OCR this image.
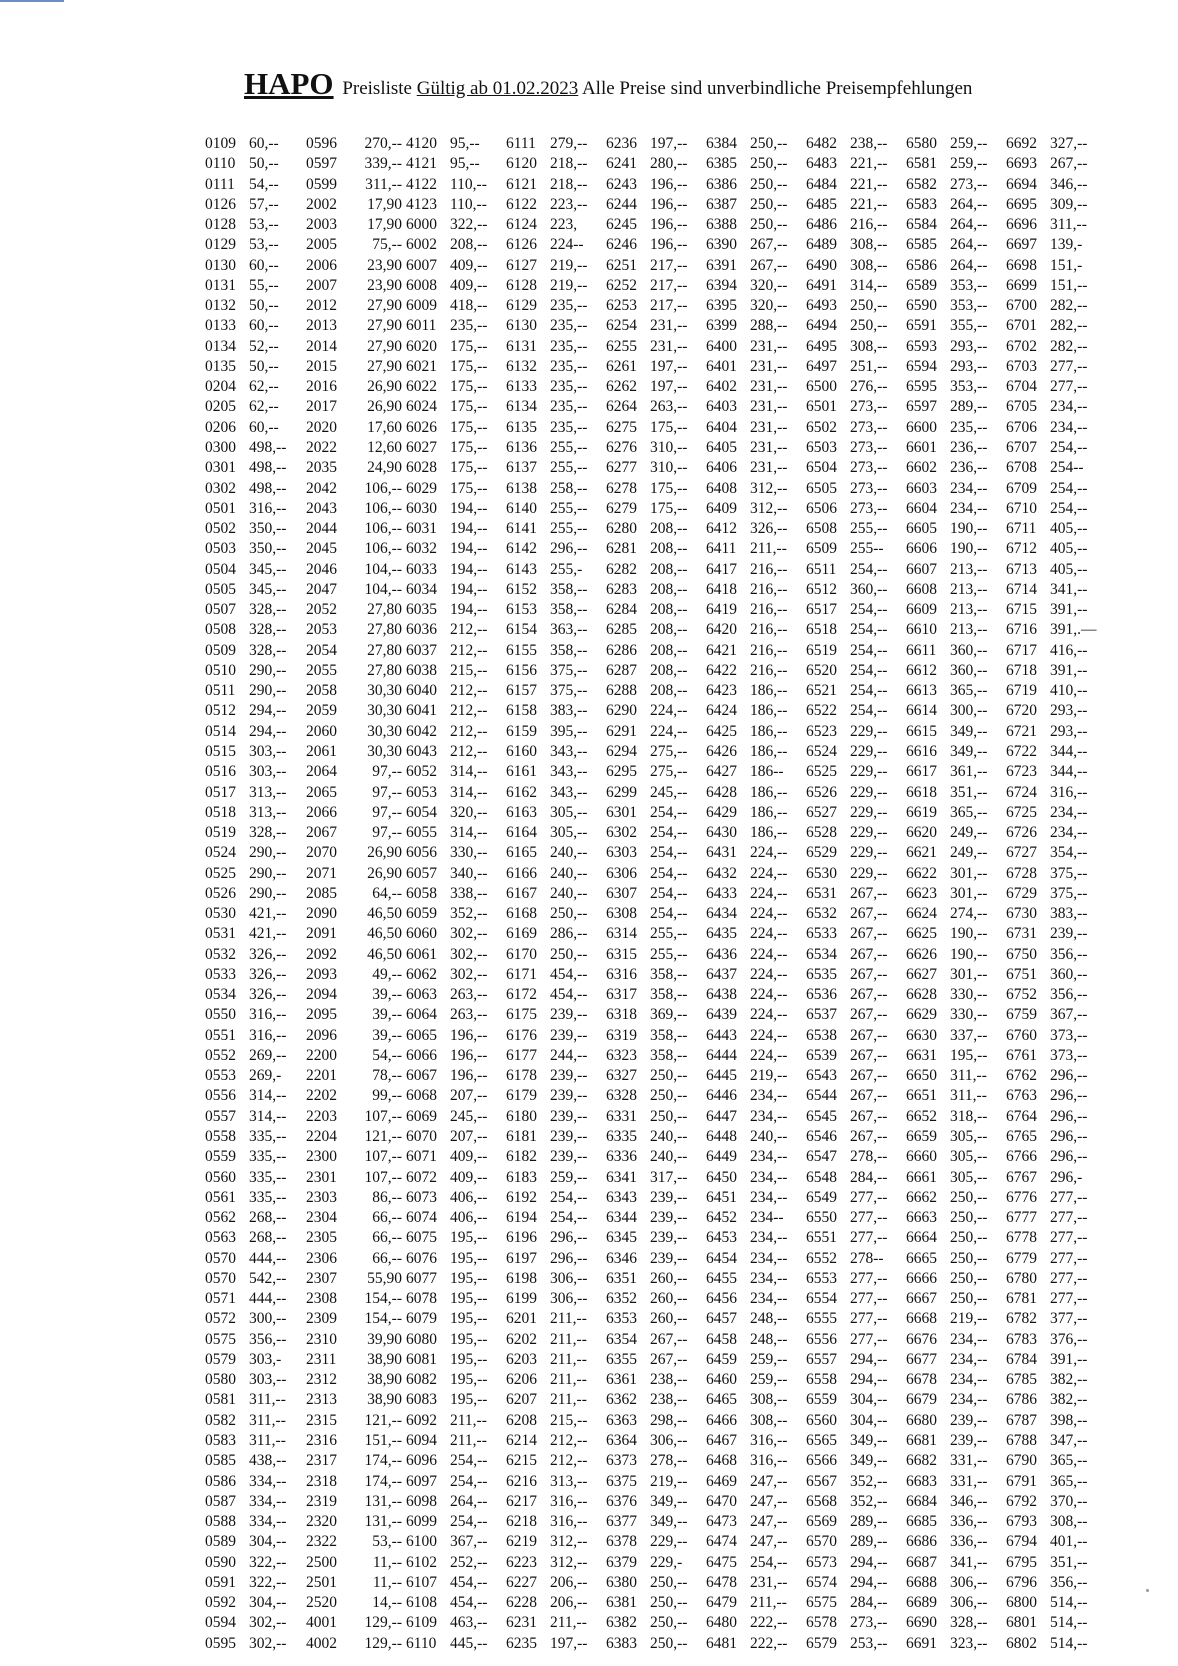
HAPO Preisliste Gültig ab 01.02.2023 Alle Preise sind unverbindliche Preisempfehlungen
0109 60,--
0110 50,--
0111 54,--
0126 57,--
0128 53,--
0129 53,--
0130 60,--
0131 55,--
0132 50,--
0133 60,--
0134 52,--
0135 50,--
0204 62,--
0205 62,--
0206 60,--
0300 498,--
0301 498,--
0302 498,--
0501 316,--
0502 350,--
0503 350,--
0504 345,--
0505 345,--
0507 328,--
0508 328,--
0509 328,--
0510 290,--
0511 290,--
0512 294,--
0514 294,--
0515 303,--
0516 303,--
0517 313,--
0518 313,--
0519 328,--
0524 290,--
0525 290,--
0526 290,--
0530 421,--
0531 421,--
0532 326,--
0533 326,--
0534 326,--
0550 316,--
0551 316,--
0552 269,--
0553 269,-
0556 314,--
0557 314,--
0558 335,--
0559 335,--
0560 335,--
0561 335,--
0562 268,--
0563 268,--
0570 444,--
0570 542,--
0571 444,--
0572 300,--
0575 356,--
0579 303,-
0580 303,--
0581 311,--
0582 311,--
0583 311,--
0585 438,--
0586 334,--
0587 334,--
0588 334,--
0589 304,--
0590 322,--
0591 322,--
0592 304,--
0594 302,--
0595 302,--
0596 270,--
0597 339,--
0599 311,--
2002 17,90
2003 17,90
2005 75,--
2006 23,90
2007 23,90
2012 27,90
2013 27,90
2014 27,90
2015 27,90
2016 26,90
2017 26,90
2020 17,60
2022 12,60
2035 24,90
2042 106,--
2043 106,--
2044 106,--
2045 106,--
2046 104,--
2047 104,--
2052 27,80
2053 27,80
2054 27,80
2055 27,80
2058 30,30
2059 30,30
2060 30,30
2061 30,30
2064 97,--
2065 97,--
2066 97,--
2067 97,--
2070 26,90
2071 26,90
2085 64,--
2090 46,50
2091 46,50
2092 46,50
2093 49,--
2094 39,--
2095 39,--
2096 39,--
2200 54,--
2201 78,--
2202 99,--
2203 107,--
2204 121,--
2300 107,--
2301 107,--
2303 86,--
2304 66,--
2305 66,--
2306 66,--
2307 55,90
2308 154,--
2309 154,--
2310 39,90
2311 38,90
2312 38,90
2313 38,90
2315 121,--
2316 151,--
2317 174,--
2318 174,--
2319 131,--
2320 131,--
2322 53,--
2500 11,--
2501 11,--
2520 14,--
4001 129,--
4002 129,--
4120 95,--
4121 95,--
4122 110,--
4123 110,--
6000 322,--
6002 208,--
6007 409,--
6008 409,--
6009 418,--
6011 235,--
6020 175,--
6021 175,--
6022 175,--
6024 175,--
6026 175,--
6027 175,--
6028 175,--
6029 175,--
6030 194,--
6031 194,--
6032 194,--
6033 194,--
6034 194,--
6035 194,--
6036 212,--
6037 212,--
6038 215,--
6040 212,--
6041 212,--
6042 212,--
6043 212,--
6052 314,--
6053 314,--
6054 320,--
6055 314,--
6056 330,--
6057 340,--
6058 338,--
6059 352,--
6060 302,--
6061 302,--
6062 302,--
6063 263,--
6064 263,--
6065 196,--
6066 196,--
6067 196,--
6068 207,--
6069 245,--
6070 207,--
6071 409,--
6072 409,--
6073 406,--
6074 406,--
6075 195,--
6076 195,--
6077 195,--
6078 195,--
6079 195,--
6080 195,--
6081 195,--
6082 195,--
6083 195,--
6092 211,--
6094 211,--
6096 254,--
6097 254,--
6098 264,--
6099 254,--
6100 367,--
6102 252,--
6107 454,--
6108 454,--
6109 463,--
6110 445,--
6111 279,--
6120 218,--
6121 218,--
6122 223,--
6124 223,
6126 224--
6127 219,--
6128 219,--
6129 235,--
6130 235,--
6131 235,--
6132 235,--
6133 235,--
6134 235,--
6135 235,--
6136 255,--
6137 255,--
6138 258,--
6140 255,--
6141 255,--
6142 296,--
6143 255,-
6152 358,--
6153 358,--
6154 363,--
6155 358,--
6156 375,--
6157 375,--
6158 383,--
6159 395,--
6160 343,--
6161 343,--
6162 343,--
6163 305,--
6164 305,--
6165 240,--
6166 240,--
6167 240,--
6168 250,--
6169 286,--
6170 250,--
6171 454,--
6172 454,--
6175 239,--
6176 239,--
6177 244,--
6178 239,--
6179 239,--
6180 239,--
6181 239,--
6182 239,--
6183 259,--
6192 254,--
6194 254,--
6196 296,--
6197 296,--
6198 306,--
6199 306,--
6201 211,--
6202 211,--
6203 211,--
6206 211,--
6207 211,--
6208 215,--
6214 212,--
6215 212,--
6216 313,--
6217 316,--
6218 316,--
6219 312,--
6223 312,--
6227 206,--
6228 206,--
6231 211,--
6235 197,--
6236 197,--
6241 280,--
6243 196,--
6244 196,--
6245 196,--
6246 196,--
6251 217,--
6252 217,--
6253 217,--
6254 231,--
6255 231,--
6261 197,--
6262 197,--
6264 263,--
6275 175,--
6276 310,--
6277 310,--
6278 175,--
6279 175,--
6280 208,--
6281 208,--
6282 208,--
6283 208,--
6284 208,--
6285 208,--
6286 208,--
6287 208,--
6288 208,--
6290 224,--
6291 224,--
6294 275,--
6295 275,--
6299 245,--
6301 254,--
6302 254,--
6303 254,--
6306 254,--
6307 254,--
6308 254,--
6314 255,--
6315 255,--
6316 358,--
6317 358,--
6318 369,--
6319 358,--
6323 358,--
6327 250,--
6328 250,--
6331 250,--
6335 240,--
6336 240,--
6341 317,--
6343 239,--
6344 239,--
6345 239,--
6346 239,--
6351 260,--
6352 260,--
6353 260,--
6354 267,--
6355 267,--
6361 238,--
6362 238,--
6363 298,--
6364 306,--
6373 278,--
6375 219,--
6376 349,--
6377 349,--
6378 229,--
6379 229,-
6380 250,--
6381 250,--
6382 250,--
6383 250,--
6384 250,--
6385 250,--
6386 250,--
6387 250,--
6388 250,--
6390 267,--
6391 267,--
6394 320,--
6395 320,--
6399 288,--
6400 231,--
6401 231,--
6402 231,--
6403 231,--
6404 231,--
6405 231,--
6406 231,--
6408 312,--
6409 312,--
6412 326,--
6411 211,--
6417 216,--
6418 216,--
6419 216,--
6420 216,--
6421 216,--
6422 216,--
6423 186,--
6424 186,--
6425 186,--
6426 186,--
6427 186--
6428 186,--
6429 186,--
6430 186,--
6431 224,--
6432 224,--
6433 224,--
6434 224,--
6435 224,--
6436 224,--
6437 224,--
6438 224,--
6439 224,--
6443 224,--
6444 224,--
6445 219,--
6446 234,--
6447 234,--
6448 240,--
6449 234,--
6450 234,--
6451 234,--
6452 234--
6453 234,--
6454 234,--
6455 234,--
6456 234,--
6457 248,--
6458 248,--
6459 259,--
6460 259,--
6465 308,--
6466 308,--
6467 316,--
6468 316,--
6469 247,--
6470 247,--
6473 247,--
6474 247,--
6475 254,--
6478 231,--
6479 211,--
6480 222,--
6481 222,--
6482 238,--
6483 221,--
6484 221,--
6485 221,--
6486 216,--
6489 308,--
6490 308,--
6491 314,--
6493 250,--
6494 250,--
6495 308,--
6497 251,--
6500 276,--
6501 273,--
6502 273,--
6503 273,--
6504 273,--
6505 273,--
6506 273,--
6508 255,--
6509 255--
6511 254,--
6512 360,--
6517 254,--
6518 254,--
6519 254,--
6520 254,--
6521 254,--
6522 254,--
6523 229,--
6524 229,--
6525 229,--
6526 229,--
6527 229,--
6528 229,--
6529 229,--
6530 229,--
6531 267,--
6532 267,--
6533 267,--
6534 267,--
6535 267,--
6536 267,--
6537 267,--
6538 267,--
6539 267,--
6543 267,--
6544 267,--
6545 267,--
6546 267,--
6547 278,--
6548 284,--
6549 277,--
6550 277,--
6551 277,--
6552 278--
6553 277,--
6554 277,--
6555 277,--
6556 277,--
6557 294,--
6558 294,--
6559 304,--
6560 304,--
6565 349,--
6566 349,--
6567 352,--
6568 352,--
6569 289,--
6570 289,--
6573 294,--
6574 294,--
6575 284,--
6578 273,--
6579 253,--
6580 259,--
6581 259,--
6582 273,--
6583 264,--
6584 264,--
6585 264,--
6586 264,--
6589 353,--
6590 353,--
6591 355,--
6593 293,--
6594 293,--
6595 353,--
6597 289,--
6600 235,--
6601 236,--
6602 236,--
6603 234,--
6604 234,--
6605 190,--
6606 190,--
6607 213,--
6608 213,--
6609 213,--
6610 213,--
6611 360,--
6612 360,--
6613 365,--
6614 300,--
6615 349,--
6616 349,--
6617 361,--
6618 351,--
6619 365,--
6620 249,--
6621 249,--
6622 301,--
6623 301,--
6624 274,--
6625 190,--
6626 190,--
6627 301,--
6628 330,--
6629 330,--
6630 337,--
6631 195,--
6650 311,--
6651 311,--
6652 318,--
6659 305,--
6660 305,--
6661 305,--
6662 250,--
6663 250,--
6664 250,--
6665 250,--
6666 250,--
6667 250,--
6668 219,--
6676 234,--
6677 234,--
6678 234,--
6679 234,--
6680 239,--
6681 239,--
6682 331,--
6683 331,--
6684 346,--
6685 336,--
6686 336,--
6687 341,--
6688 306,--
6689 306,--
6690 328,--
6691 323,--
6692 327,--
6693 267,--
6694 346,--
6695 309,--
6696 311,--
6697 139,-
6698 151,-
6699 151,--
6700 282,--
6701 282,--
6702 282,--
6703 277,--
6704 277,--
6705 234,--
6706 234,--
6707 254,--
6708 254--
6709 254,--
6710 254,--
6711 405,--
6712 405,--
6713 405,--
6714 341,--
6715 391,--
6716 391,.—
6717 416,--
6718 391,--
6719 410,--
6720 293,--
6721 293,--
6722 344,--
6723 344,--
6724 316,--
6725 234,--
6726 234,--
6727 354,--
6728 375,--
6729 375,--
6730 383,--
6731 239,--
6750 356,--
6751 360,--
6752 356,--
6759 367,--
6760 373,--
6761 373,--
6762 296,--
6763 296,--
6764 296,--
6765 296,--
6766 296,--
6767 296,-
6776 277,--
6777 277,--
6778 277,--
6779 277,--
6780 277,--
6781 277,--
6782 377,--
6783 376,--
6784 391,--
6785 382,--
6786 382,--
6787 398,--
6788 347,--
6790 365,--
6791 365,--
6792 370,--
6793 308,--
6794 401,--
6795 351,--
6796 356,--
6800 514,--
6801 514,--
6802 514,--
